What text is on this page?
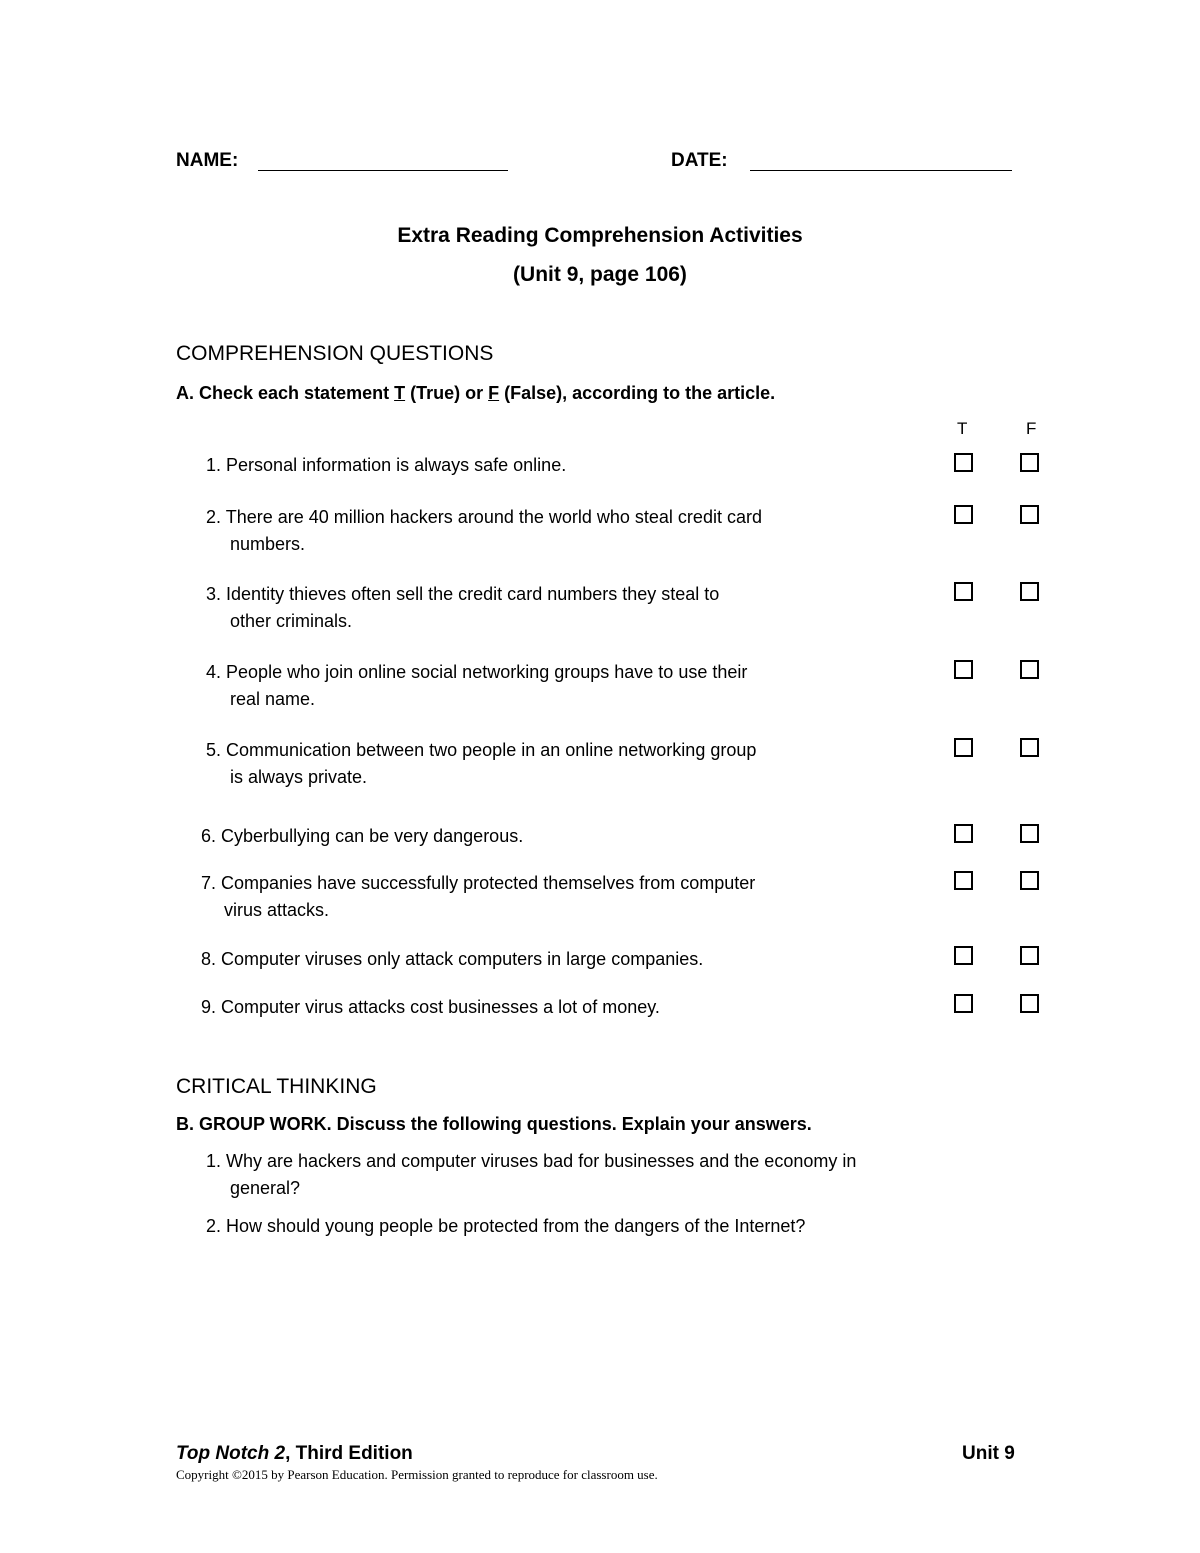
NAME:	DATE:
Extra Reading Comprehension Activities
(Unit 9, page 106)
COMPREHENSION QUESTIONS
A. Check each statement T (True) or F (False), according to the article.
T	F
1. Personal information is always safe online.
2. There are 40 million hackers around the world who steal credit card
numbers.
3. Identity thieves often sell the credit card numbers they steal to
other criminals.
4. People who join online social networking groups have to use their
real name.
5. Communication between two people in an online networking group
is always private.
6. Cyberbullying can be very dangerous.
7. Companies have successfully protected themselves from computer
virus attacks.
8. Computer viruses only attack computers in large companies.
9. Computer virus attacks cost businesses a lot of money.
CRITICAL THINKING
B. GROUP WORK. Discuss the following questions. Explain your answers.
1. Why are hackers and computer viruses bad for businesses and the economy in
general?
2. How should young people be protected from the dangers of the Internet?
Top Notch 2, Third Edition	Unit 9
Copyright ©2015 by Pearson Education. Permission granted to reproduce for classroom use.
